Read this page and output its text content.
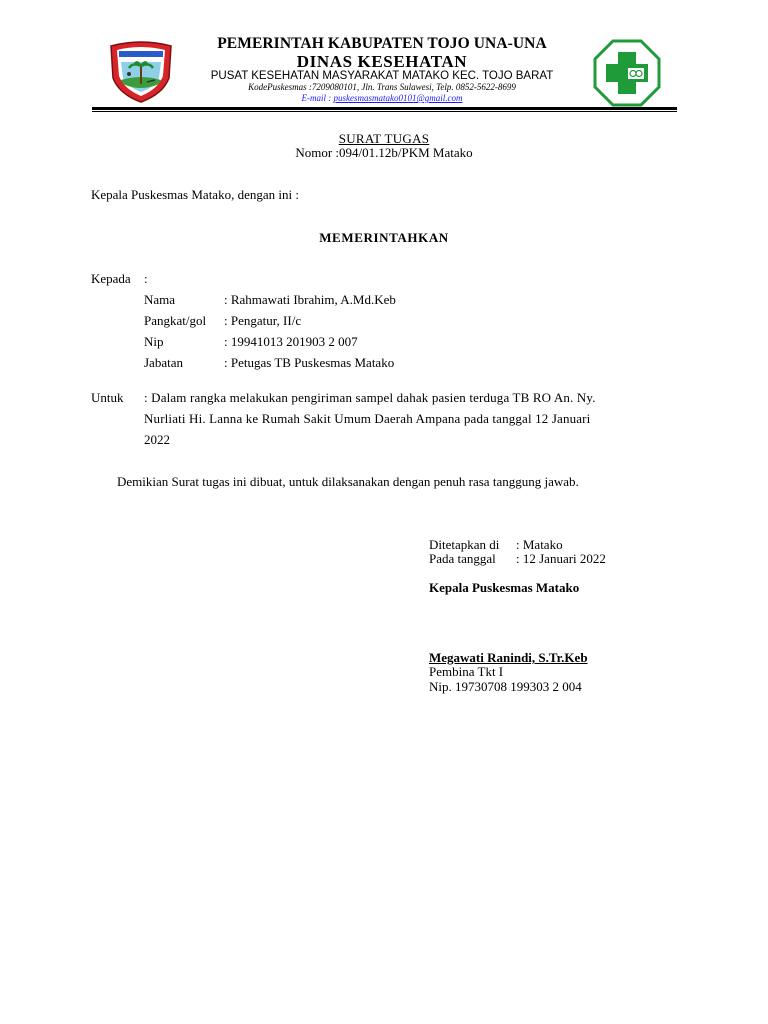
PEMERINTAH KABUPATEN TOJO UNA-UNA
DINAS KESEHATAN
PUSAT KESEHATAN MASYARAKAT MATAKO KEC. TOJO BARAT
KodePuskesmas :7209080101, Jln. Trans Sulawesi, Telp. 0852-5622-8699
E-mail : puskesmasmatako0101@gmail.com
SURAT TUGAS
Nomor :094/01.12b/PKM Matako
Kepala Puskesmas Matako, dengan ini :
MEMERINTAHKAN
Kepada :
Nama	: Rahmawati Ibrahim, A.Md.Keb
Pangkat/gol : Pengatur, II/c
Nip	: 19941013 201903 2 007
Jabatan	: Petugas TB Puskesmas Matako
Untuk : Dalam rangka melakukan pengiriman sampel dahak pasien terduga TB RO An. Ny.
Nurliati Hi. Lanna ke Rumah Sakit Umum Daerah Ampana pada tanggal 12 Januari
2022
Demikian Surat tugas ini dibuat, untuk dilaksanakan dengan penuh rasa tanggung jawab.
Ditetapkan di : Matako
Pada tanggal : 12 Januari 2022
Kepala Puskesmas Matako
Megawati Ranindi, S.Tr.Keb
Pembina Tkt I
Nip. 19730708 199303 2 004
